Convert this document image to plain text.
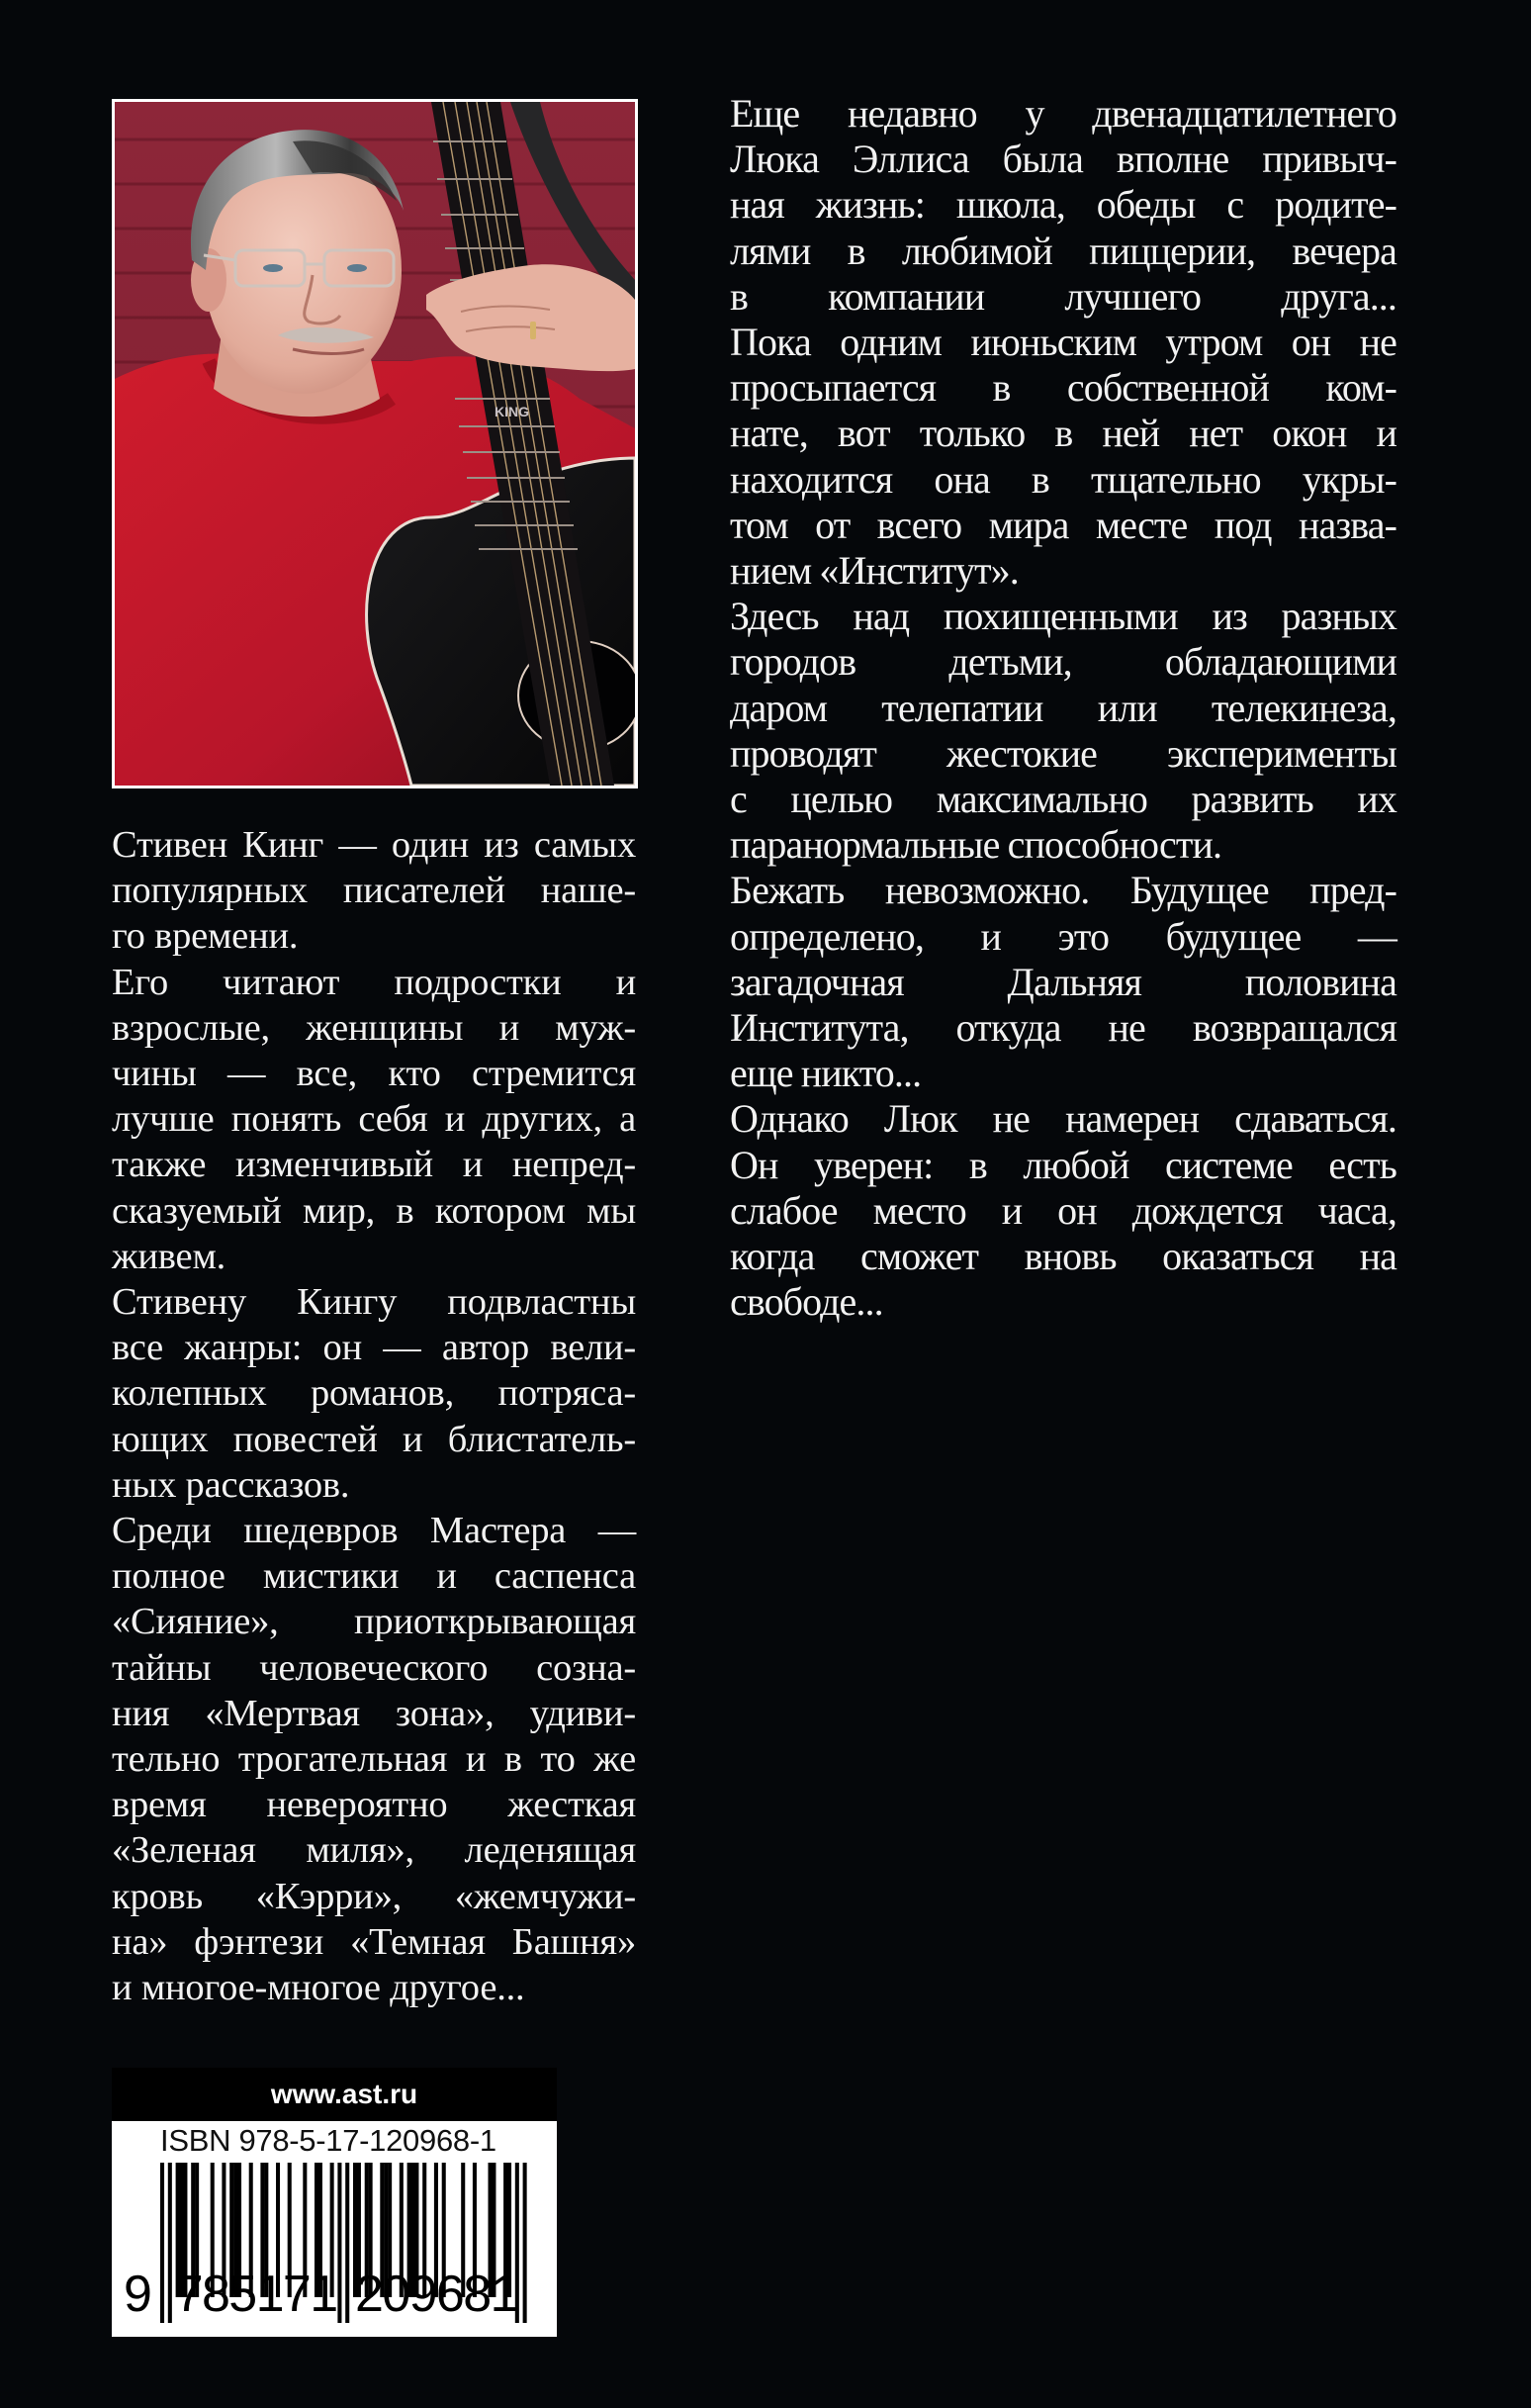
KING

Стивен Кинг — один из самых
популярных писателей наше-
го времени.

Его читают подростки и
взрослые, женщины и муж-
чины — все, кто стремится
лучше понять себя и других, а
также изменчивый и непред-
сказуемый мир, в котором мы
живем.

Стивену Кингу подвластны
все жанры: он — автор вели-
колепных романов, потряса-
ющих повестей и блистатель-
ных рассказов.

Среди шедевров Мастера —
полное мистики и саспенса
«Сияние», приоткрывающая
тайны человеческого созна-
ния «Мертвая зона», удиви-
тельно трогательная и в то же
время невероятно жесткая
«Зеленая миля», леденящая
кровь «Кэрри», «жемчужи-
на» фэнтези «Темная Башня»
и многое-многое другое...

Еще недавно у двенадцатилетнего
Люка Эллиса была вполне привыч-
ная жизнь: школа, обеды с родите-
лями в любимой пиццерии, вечера
в компании лучшего друга...
Пока одним июньским утром он не
просыпается в собственной ком-
нате, вот только в ней нет окон и
находится она в тщательно укры-
том от всего мира месте под назва-
нием «Институт».

Здесь над похищенными из разных
городов детьми, обладающими
даром телепатии или телекинеза,
проводят жестокие эксперименты
с целью максимально развить их
паранормальные способности.

Бежать невозможно. Будущее пред-
определено, и это будущее —
загадочная Дальняя половина
Института, откуда не возвращался
еще никто...

Однако Люк не намерен сдаваться.
Он уверен: в любой системе есть
слабое место и он дождется часа,
когда сможет вновь оказаться на
свободе...

www.ast.ru
ISBN 978-5-17-120968-1
9 7
8
5
1
7
1 2
0
9
6
8
1
